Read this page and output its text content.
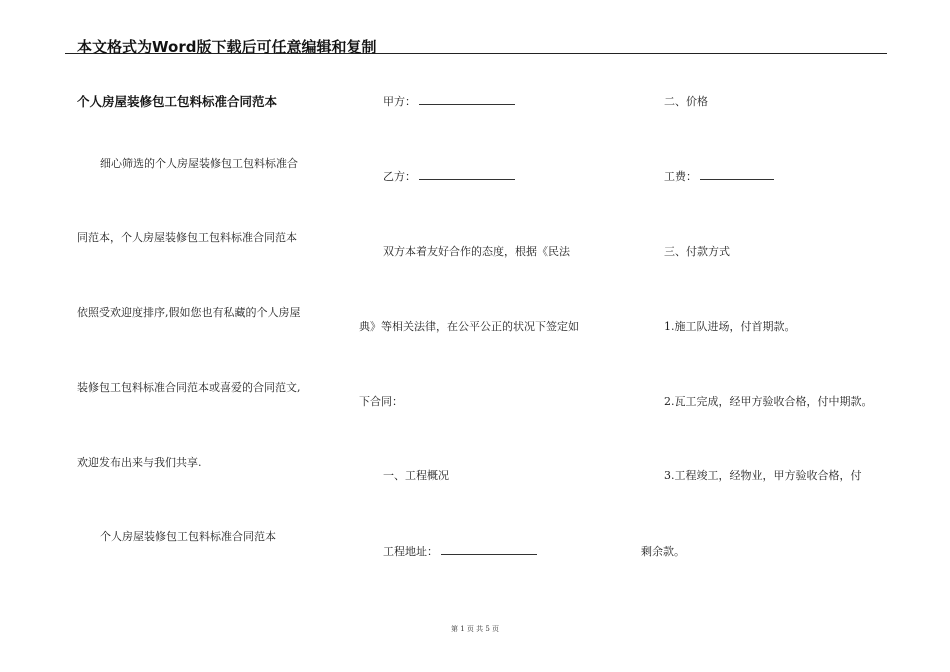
本文格式为Word版下载后可任意编辑和复制
个人房屋装修包工包料标准合同范本
细心筛选的个人房屋装修包工包料标准合
同范本，个人房屋装修包工包料标准合同范本
依照受欢迎度排序,假如您也有私藏的个人房屋
装修包工包料标准合同范本或喜爱的合同范文,
欢迎发布出来与我们共享.
个人房屋装修包工包料标准合同范本
甲方：
乙方：
双方本着友好合作的态度，根据《民法
典》等相关法律，在公平公正的状况下签定如
下合同：
一、工程概况
工程地址：
二、价格
工费：
三、付款方式
1.施工队进场，付首期款。
2.瓦工完成，经甲方验收合格，付中期款。
3.工程竣工，经物业，甲方验收合格，付
剩余款。
第 1 页 共 5 页
